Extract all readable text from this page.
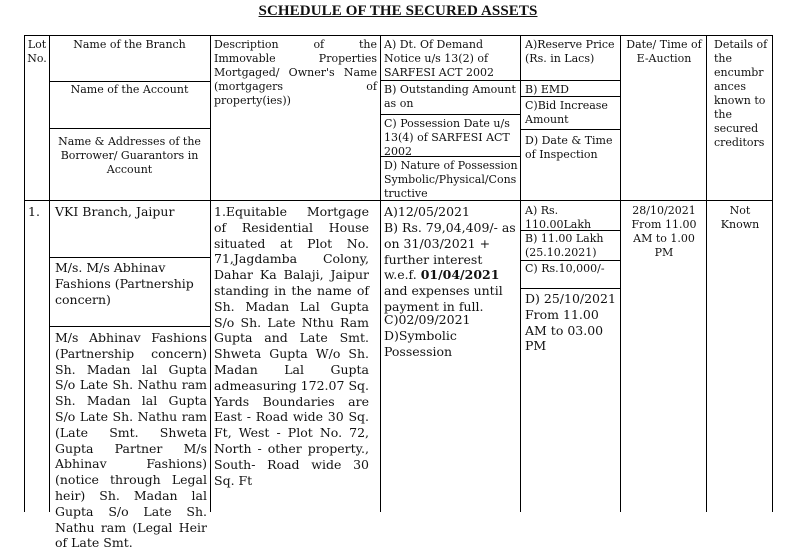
SCHEDULE OF THE SECURED ASSETS
Lot No.
Name of the Branch
Name of the Account
Name & Addresses of the Borrower/ Guarantors in Account
Description of the Immovable Properties Mortgaged/ Owner's Name (mortgagers of property(ies))
A) Dt. Of Demand Notice u/s 13(2) of SARFESI ACT 2002
B) Outstanding Amount as on
C) Possession Date u/s 13(4) of SARFESI ACT 2002
D) Nature of Possession Symbolic/Physical/Cons tructive
A)Reserve Price (Rs. in Lacs)
B) EMD
C)Bid Increase Amount
D) Date & Time of Inspection
Date/ Time of E-Auction
Details of the encumbr ances known to the secured creditors
1.	VKI Branch, Jaipur
M/s. M/s Abhinav Fashions (Partnership concern)
M/s Abhinav Fashions (Partnership concern) Sh. Madan lal Gupta S/o Late Sh. Nathu ram Sh. Madan lal Gupta S/o Late Sh. Nathu ram (Late Smt. Shweta Gupta Partner M/s Abhinav Fashions) (notice through Legal heir) Sh. Madan lal Gupta S/o Late Sh. Nathu ram (Legal Heir of Late Smt.
1.Equitable Mortgage of Residential House situated at Plot No. 71,Jagdamba Colony, Dahar Ka Balaji, Jaipur standing in the name of Sh. Madan Lal Gupta S/o Sh. Late Nthu Ram Gupta and Late Smt. Shweta Gupta W/o Sh. Madan Lal Gupta admeasuring 172.07 Sq. Yards Boundaries are East - Road wide 30 Sq. Ft, West - Plot No. 72, North - other property., South- Road wide 30 Sq. Ft
A)12/05/2021
B) Rs. 79,04,409/- as on 31/03/2021 + further interest w.e.f. 01/04/2021 and expenses until payment in full.
C)02/09/2021
D)Symbolic Possession
A) Rs. 110.00Lakh
B) 11.00 Lakh (25.10.2021)
C) Rs.10,000/-
D) 25/10/2021 From 11.00 AM to 03.00 PM
28/10/2021 From 11.00 AM to 1.00 PM
Not Known
